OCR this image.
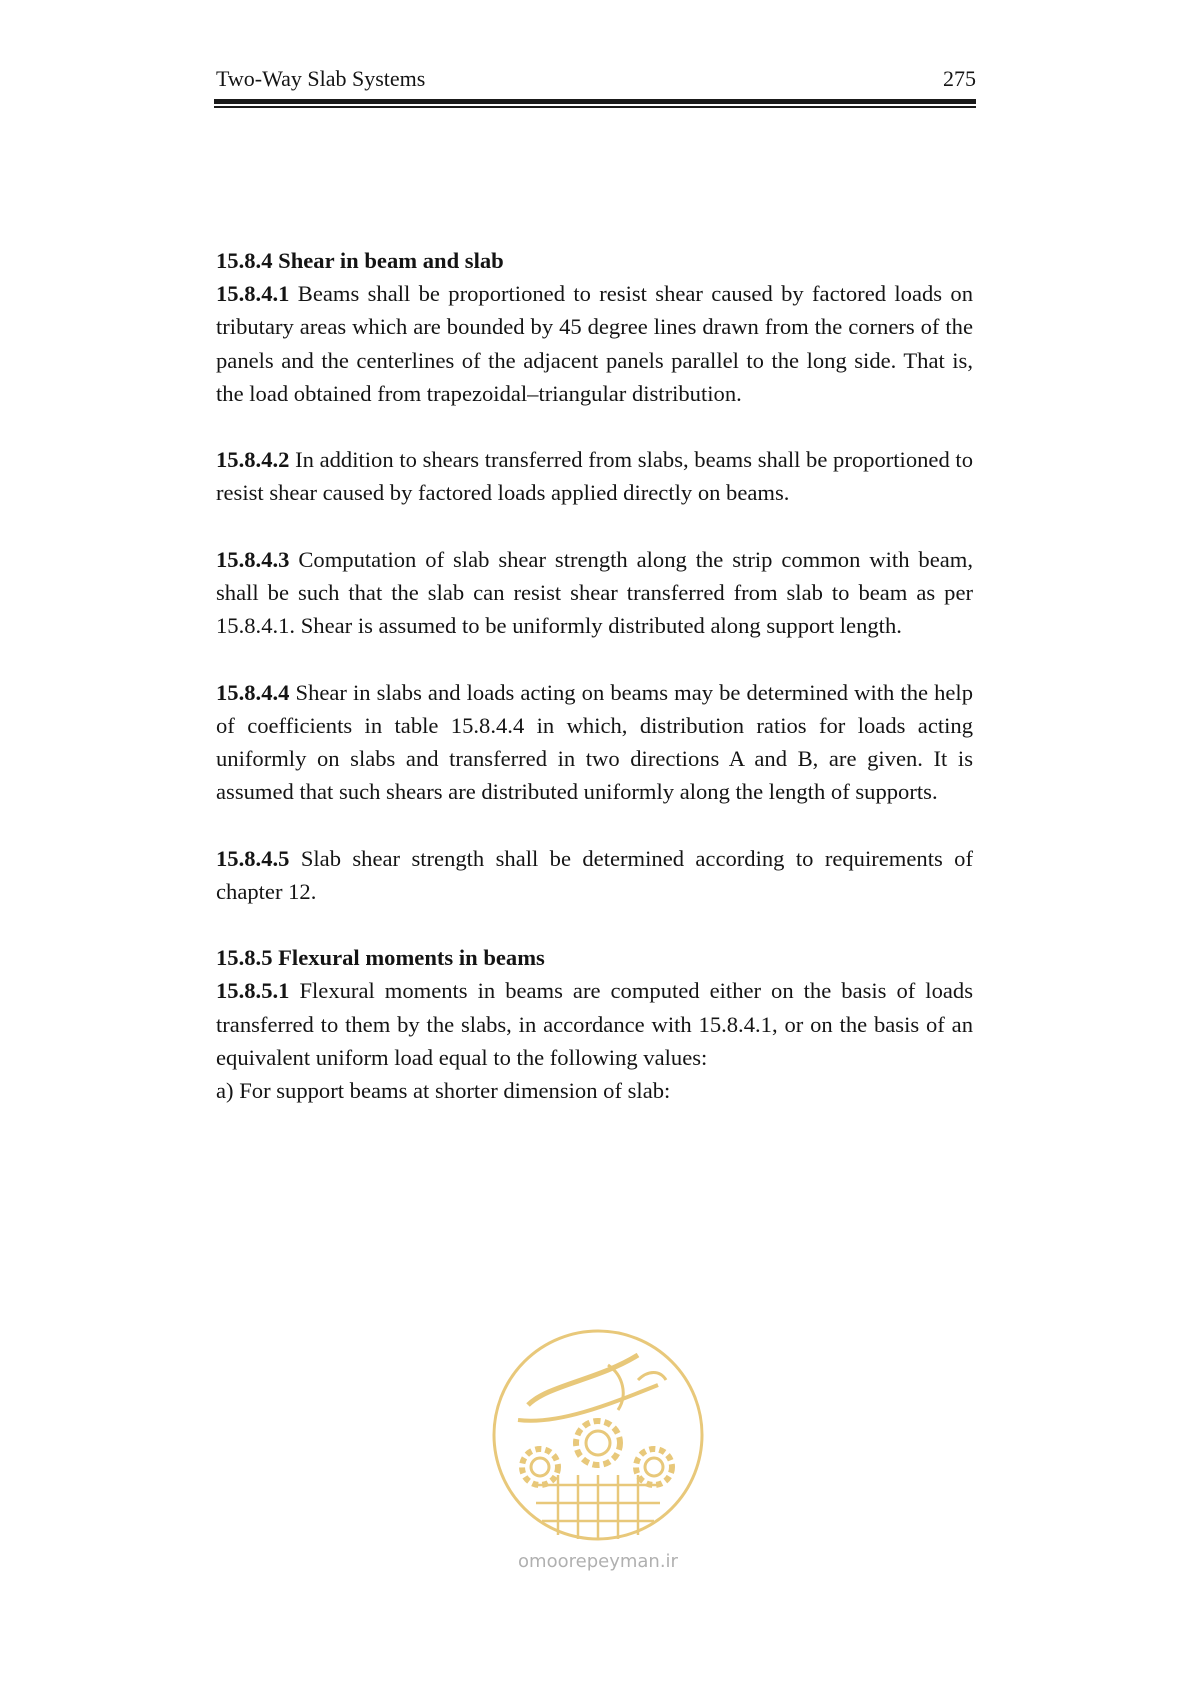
Two-Way Slab Systems	275

15.8.4 Shear in beam and slab

15.8.4.1 Beams shall be proportioned to resist shear caused by factored loads on tributary areas which are bounded by 45 degree lines drawn from the corners of the panels and the centerlines of the adjacent panels parallel to the long side. That is, the load obtained from trapezoidal–triangular distribution.

15.8.4.2 In addition to shears transferred from slabs, beams shall be proportioned to resist shear caused by factored loads applied directly on beams.

15.8.4.3 Computation of slab shear strength along the strip common with beam, shall be such that the slab can resist shear transferred from slab to beam as per 15.8.4.1. Shear is assumed to be uniformly distributed along support length.

15.8.4.4 Shear in slabs and loads acting on beams may be determined with the help of coefficients in table 15.8.4.4 in which, distribution ratios for loads acting uniformly on slabs and transferred in two directions A and B, are given. It is assumed that such shears are distributed uniformly along the length of supports.

15.8.4.5 Slab shear strength shall be determined according to requirements of chapter 12.

15.8.5 Flexural moments in beams

15.8.5.1 Flexural moments in beams are computed either on the basis of loads transferred to them by the slabs, in accordance with 15.8.4.1, or on the basis of an equivalent uniform load equal to the following values:

a) For support beams at shorter dimension of slab:

omoorepeyman.ir
